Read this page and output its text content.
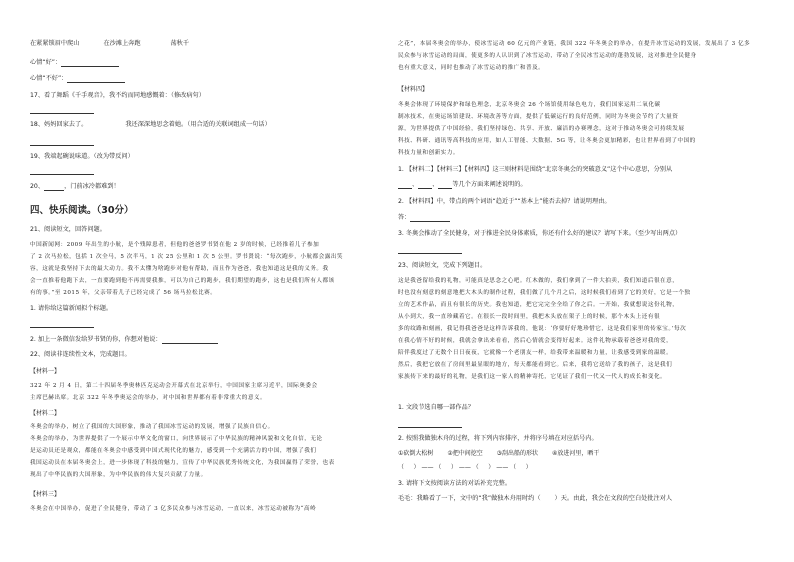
在紧紧锁眉中爬山	在沙滩上奔跑	荡秋千
心情“好”：
心情“不好”：
17、看了舞蹈《千手观音》，我不约而同地感慨着：（修改病句）
18、妈妈回家去了。	我还深深地思念着她。（用合适的关联词组成一句话）
19、我端起碗说味道。（改为带反问）
20、	，门前冰冷都难到！
四、快乐阅读。（30分）
21、阅读短文，回答问题。
中国新闻网：2009 年出生的小航，是个残障患者，但他的爸爸罗书贤在他 2 岁的时候，已经推着儿子参加
了 2 次马拉松，包括 1 次全马，5 次半马，1 次 25 公里和 1 次 5 公里。罗书贤说：“每次跑步，小航都会露出笑
容，这就是我坚持下去的最大动力。我不太懂为啥跑步对他有帮助，而且作为爸爸，我也知道这是我的义务。我
会一直推着他跑下去，一直要跑到他不再需要我推，可以为自己的跑步，我们期望的跑步，这也是我们所有人都该
有的事。”至 2015 年，父亲带着儿子已经完成了 56 场马拉松比赛。
1. 请你给这篇新闻拟个标题。
2. 加上一条微信发给罗书贤的你，你想对他说：
22、阅读非连续性文本，完成题目。
【材料一】
322 年 2 月 4 日，第二十四届冬季奥林匹克运动会开幕式在北京举行，中国国家主席习近平，国际奥委会
主席巴赫出席。北京 322 年冬季奥运会的举办，对中国和世界都有着非常重大的意义。
【材料二】
冬奥会的举办，树立了我国的大国形象，推动了我国冰雪运动的发展，增强了民族自信心。
冬奥会的举办，为世界提供了一个展示中华文化的窗口，向世界展示了中华民族的精神风貌和文化自信，无论
是运动员还是观众，都能在冬奥会中感受到中国式现代化的魅力，感受到一个充满活力的中国，增强了我们
我国运动员在本届冬奥会上，进一步体现了科技的魅力，宣传了中华民族优秀传统文化，为我国赢得了荣誉，也表
现出了中华民族的大国形象，为中华民族的伟大复兴贡献了力量。
【材料三】
冬奥会在中国举办，促进了全民健身，带动了 3 亿多民众参与冰雪运动，一直以来，冰雪运动被称为“高岭
之花”，本届冬奥会的举办，使冰雪运动 60 亿元的产业链，我国 322 年冬奥会的举办，在提升冰雪运动的发展，发展出了 3 亿多
民众参与冰雪运动的局面，使更多的人认识到了冰雪运动，带动了全民冰雪运动的蓬勃发展，这对推进全民健身
也有重大意义，同时也推动了冰雪运动的推广和普及。
【材料四】
冬奥会体现了环境保护和绿色理念，北京冬奥会 26 个场馆使用绿色电力，我们国家运用二氧化碳
制冰技术，在奥运场馆建设、环境改善等方面，提供了低碳运行的良好范例，同时为冬奥会节约了大量资
源，为世界提供了中国经验，我们坚持绿色、共享、开放、廉洁的办赛理念，这对于推动冬奥会可持续发展
科技、科研、通讯等高科技的应用，如人工智能、大数据、5G 等，让冬奥会更加精彩，也让世界看到了中国的
科技力量和创新实力。
1. 【材料二】【材料三】【材料四】这三则材料是围绕“北京冬奥会的突破意义”这个中心意思，分别从
、 、 等几个方面来阐述说明的。
2. 【材料四】中，带点的两个词语“趋近于”“基本上”能否去掉？请说明理由。
答：
3. 冬奥会推动了全民健身，对于推进全民身体素质，你还有什么好的建议？请写下来。（至少写出两点）
23、阅读短文，完成下列题目。
这是我爸留给我的礼物，可能真是思念之心吧。红木做的，我们拿到了一件大拍卖，我们知道后很在意，
时也没有刻意的刻意地把大木头的制作过程，我们做了几个月之后，这时候我们看到了它的美好，它是一个独
立的艺术作品，而且有很长的历史。我也知道，把它完完全全给了你之后。一开始，我就想说这份礼物，
从小到大，我一直珍藏着它。在很长一段时间里，我把木头放在架子上的时候，那个木头上还有很
多的纹路和刻画，我记得我爸爸是这样告诉我的，他说：‘你要好好地珍惜它，这是我们家里的传家宝。’每次
在我心情不好的时候，我就会拿出来看看，然后心情就会变得好起来。这件礼物承载着爸爸对我的爱，
陪伴我度过了无数个日日夜夜，它就像一个老朋友一样，给我带来温暖和力量，让我感受到家的温暖。
然后，我把它放在了房间里最显眼的地方，每天都能看到它。后来，我将它送给了我的孩子，这是我们
家族传下来的最好的礼物，是我们这一家人的精神寄托，它见证了我们一代又一代人的成长和变化。
1. 文段节选自哪一部作品？
2. 按照我做独木舟的过程，将下列内容排序，并将序号填在对应括号内。
①砍倒大松树 ②把中间挖空 ③刮出船的形状 ④放进河里，晒干
（     ） —— （     ） —— （     ） —— （     ）
3. 请将下文按阅读方法的对话补充完整。
毛毛：我略看了一下，文中的“我”做独木舟用时约（ ）天。由此，我会在文段的空白处批注对人
